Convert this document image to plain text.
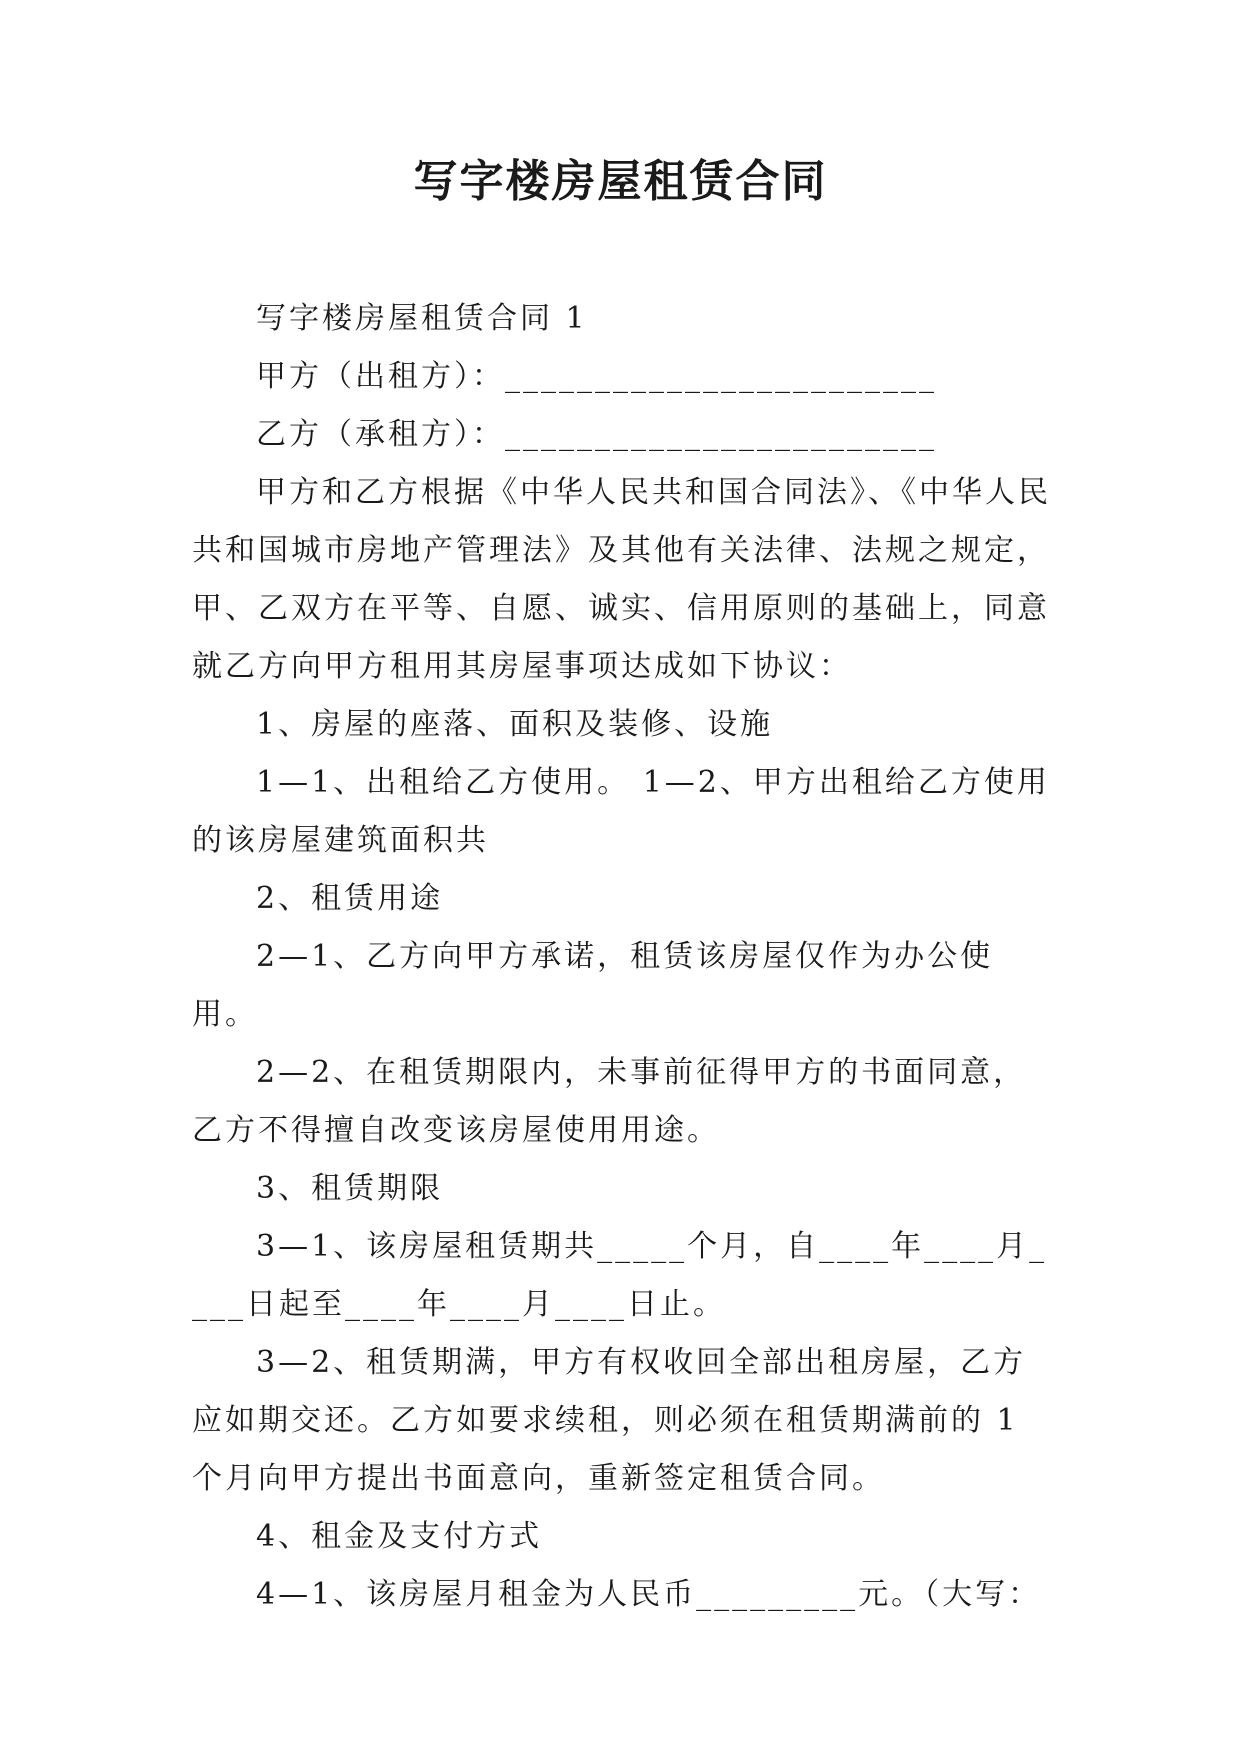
写字楼房屋租赁合同

写字楼房屋租赁合同 1

甲方（出租方）：________________________

乙方（承租方）：________________________

甲方和乙方根据《中华人民共和国合同法》、《中华人民共和国城市房地产管理法》及其他有关法律、法规之规定，甲、乙双方在平等、自愿、诚实、信用原则的基础上，同意就乙方向甲方租用其房屋事项达成如下协议：

1、房屋的座落、面积及装修、设施

1—1、出租给乙方使用。 1—2、甲方出租给乙方使用的该房屋建筑面积共

2、租赁用途

2—1、乙方向甲方承诺，租赁该房屋仅作为办公使用。

2—2、在租赁期限内，未事前征得甲方的书面同意，乙方不得擅自改变该房屋使用用途。

3、租赁期限

3—1、该房屋租赁期共_____个月，自____年____月____日起至____年____月____日止。

3—2、租赁期满，甲方有权收回全部出租房屋，乙方应如期交还。乙方如要求续租，则必须在租赁期满前的 1 个月向甲方提出书面意向，重新签定租赁合同。

4、租金及支付方式

4—1、该房屋月租金为人民币_________元。（大写：
